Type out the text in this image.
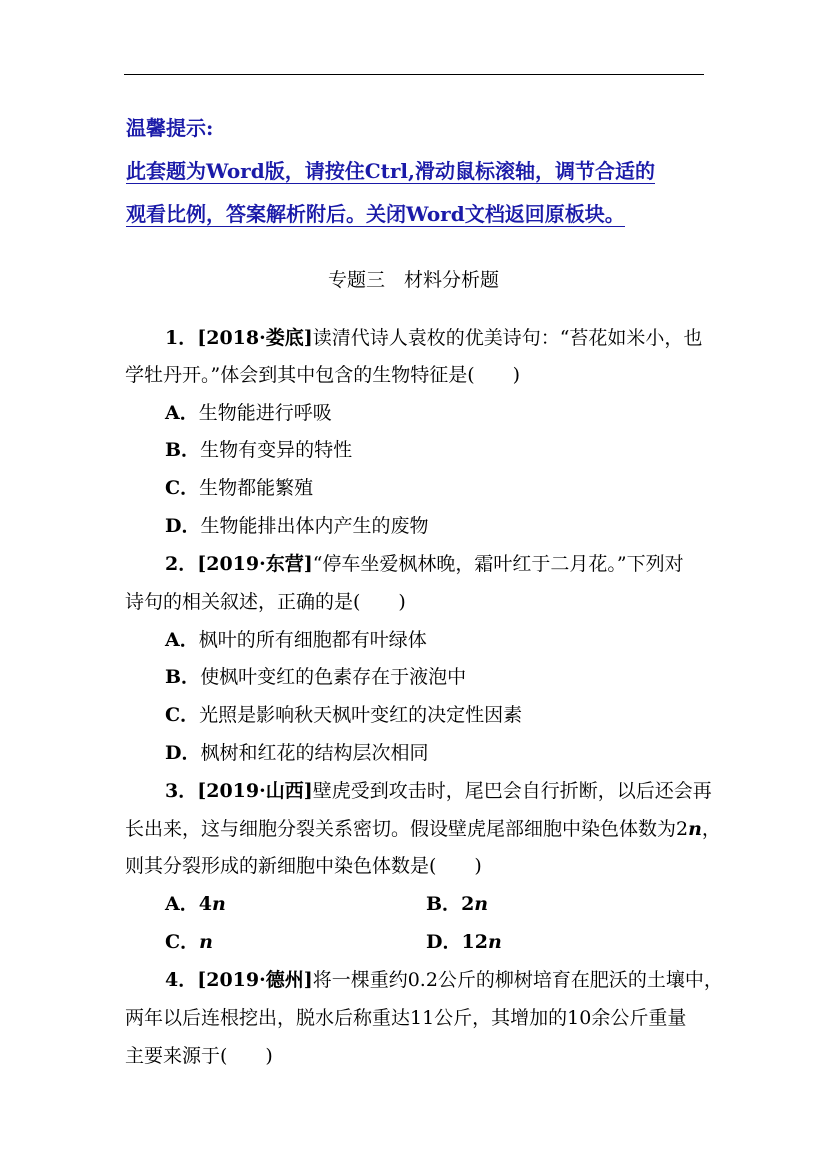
温馨提示:
此套题为Word版，请按住Ctrl,滑动鼠标滚轴，调节合适的
观看比例，答案解析附后。关闭Word文档返回原板块。
专题三　材料分析题
1．[2018·娄底]读清代诗人袁枚的优美诗句：“苔花如米小，也
学牡丹开。”体会到其中包含的生物特征是(　　)
A．生物能进行呼吸
B．生物有变异的特性
C．生物都能繁殖
D．生物能排出体内产生的废物
2．[2019·东营]“停车坐爱枫林晚，霜叶红于二月花。”下列对
诗句的相关叙述，正确的是(　　)
A．枫叶的所有细胞都有叶绿体
B．使枫叶变红的色素存在于液泡中
C．光照是影响秋天枫叶变红的决定性因素
D．枫树和红花的结构层次相同
3．[2019·山西]壁虎受到攻击时，尾巴会自行折断，以后还会再
长出来，这与细胞分裂关系密切。假设壁虎尾部细胞中染色体数为2n，
则其分裂形成的新细胞中染色体数是(　　)
A．4n	B．2n
C．n	D．12n
4．[2019·德州]将一棵重约0.2公斤的柳树培育在肥沃的土壤中，
两年以后连根挖出，脱水后称重达11公斤，其增加的10余公斤重量
主要来源于(　　)
